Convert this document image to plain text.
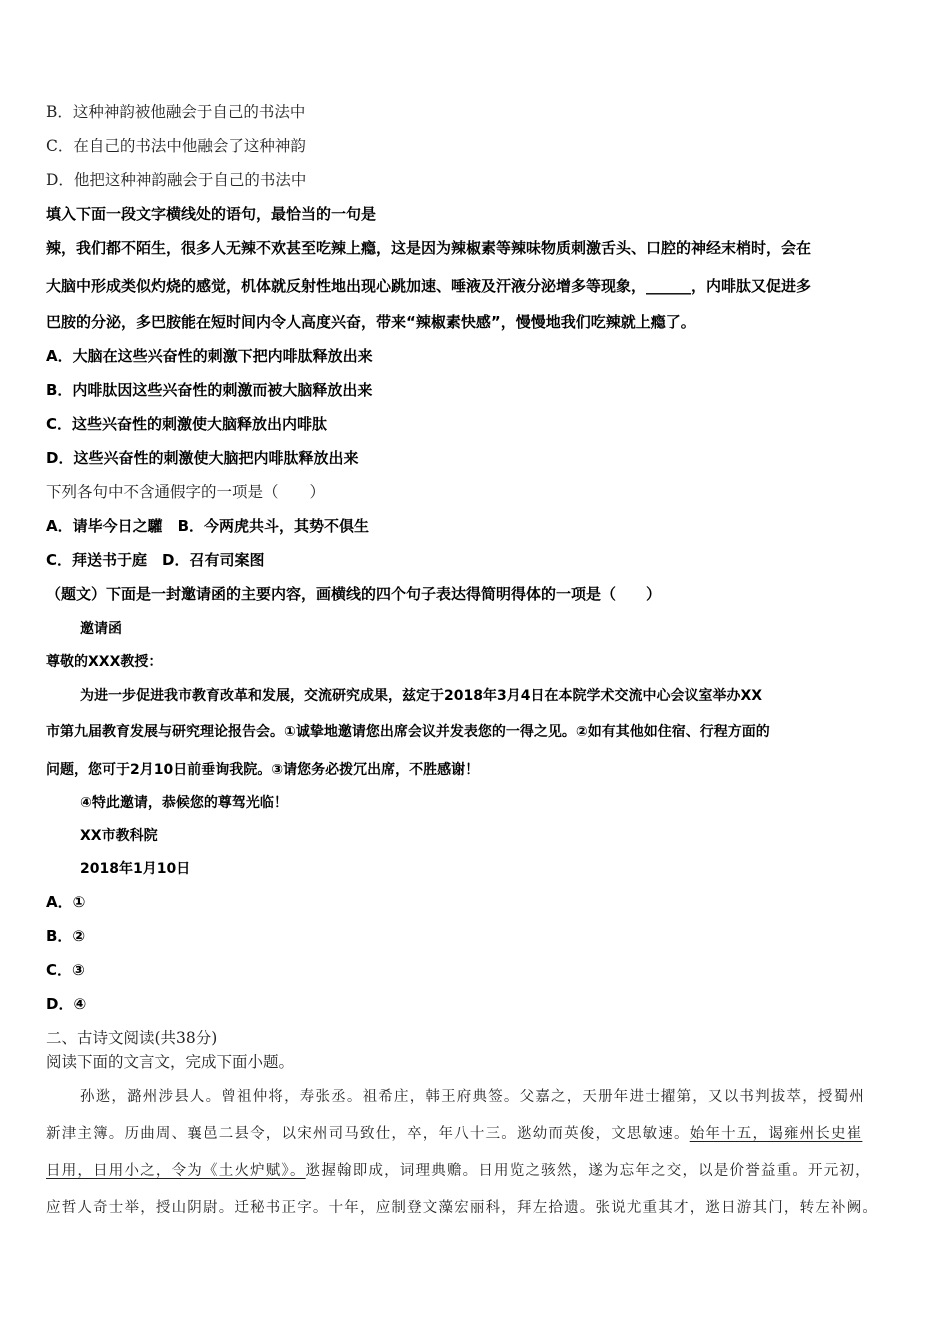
B．这种神韵被他融会于自己的书法中
C．在自己的书法中他融会了这种神韵
D．他把这种神韵融会于自己的书法中
填入下面一段文字横线处的语句，最恰当的一句是
辣，我们都不陌生，很多人无辣不欢甚至吃辣上瘾，这是因为辣椒素等辣味物质刺激舌头、口腔的神经末梢时，会在
大脑中形成类似灼烧的感觉，机体就反射性地出现心跳加速、唾液及汗液分泌增多等现象，______，内啡肽又促进多
巴胺的分泌，多巴胺能在短时间内令人高度兴奋，带来“辣椒素快感”，慢慢地我们吃辣就上瘾了。
A．大脑在这些兴奋性的刺激下把内啡肽释放出来
B．内啡肽因这些兴奋性的刺激而被大脑释放出来
C．这些兴奋性的刺激使大脑释放出内啡肽
D．这些兴奋性的刺激使大脑把内啡肽释放出来
下列各句中不含通假字的一项是（　　）
A．请毕今日之驩　B．今两虎共斗，其势不俱生
C．拜送书于庭　D．召有司案图
（题文）下面是一封邀请函的主要内容，画横线的四个句子表达得简明得体的一项是（　　）
邀请函
尊敬的XXX教授：
为进一步促进我市教育改革和发展，交流研究成果，兹定于2018年3月4日在本院学术交流中心会议室举办XX
市第九届教育发展与研究理论报告会。①诚挚地邀请您出席会议并发表您的一得之见。②如有其他如住宿、行程方面的
问题，您可于2月10日前垂询我院。③请您务必拨冗出席，不胜感谢！
④特此邀请，恭候您的尊驾光临！
XX市教科院
2018年1月10日
A．①
B．②
C．③
D．④
二、古诗文阅读(共38分)
阅读下面的文言文，完成下面小题。
孙逖，潞州涉县人。曾祖仲将，寿张丞。祖希庄，韩王府典签。父嘉之，天册年进士擢第，又以书判拔萃，授蜀州
新津主簿。历曲周、襄邑二县令，以宋州司马致仕，卒，年八十三。逖幼而英俊，文思敏速。始年十五，谒雍州长史崔
日用，日用小之，令为《土火炉赋》。逖握翰即成，词理典赡。日用览之骇然，遂为忘年之交，以是价誉益重。开元初，
应哲人奇士举，授山阴尉。迁秘书正字。十年，应制登文藻宏丽科，拜左拾遗。张说尤重其才，逖日游其门，转左补阙。
